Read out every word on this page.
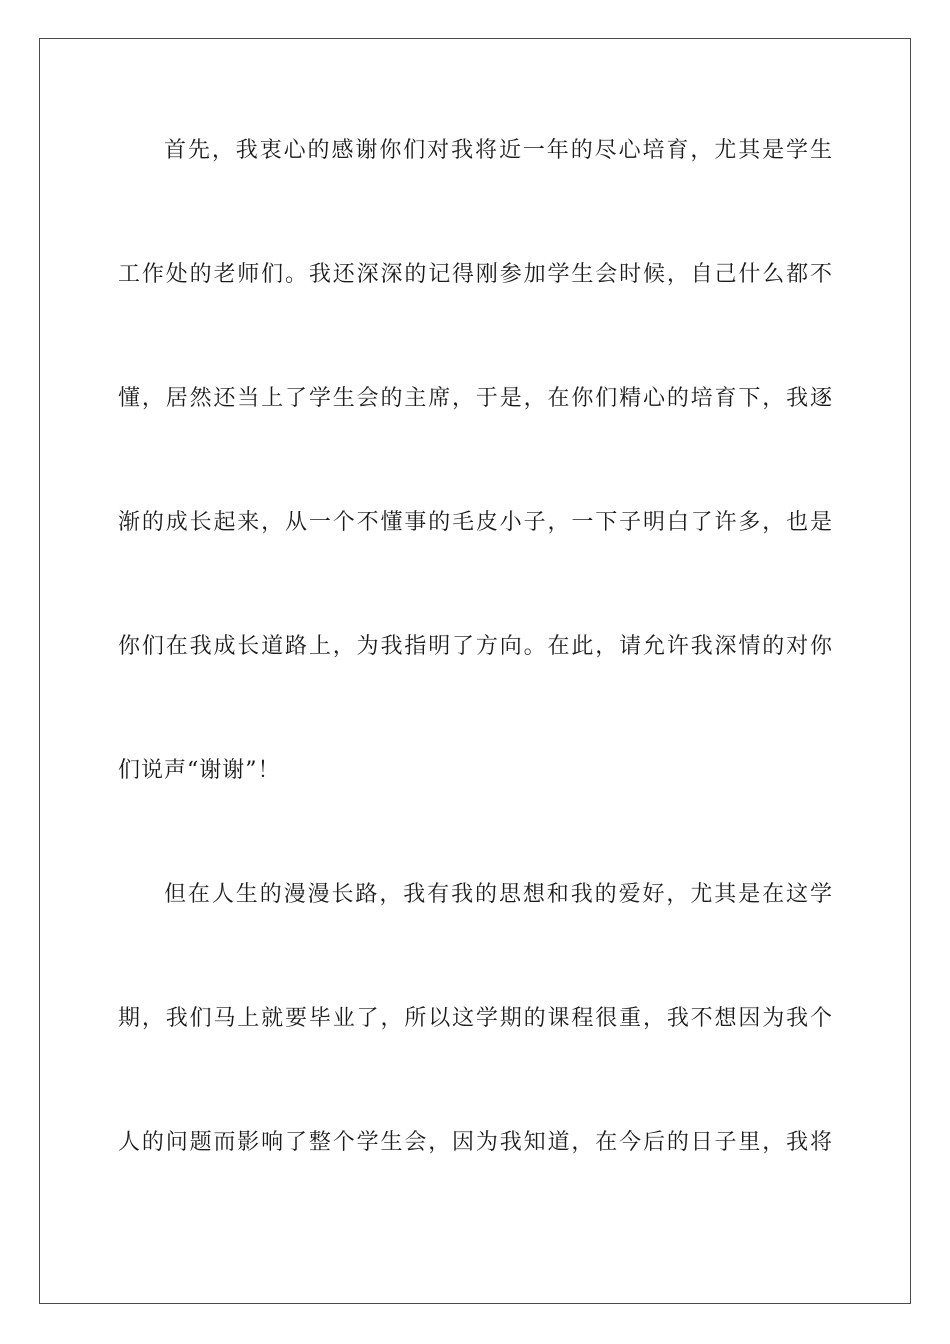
首先，我衷心的感谢你们对我将近一年的尽心培育，尤其是学生
工作处的老师们。我还深深的记得刚参加学生会时候，自己什么都不
懂，居然还当上了学生会的主席，于是，在你们精心的培育下，我逐
渐的成长起来，从一个不懂事的毛皮小子，一下子明白了许多，也是
你们在我成长道路上，为我指明了方向。在此，请允许我深情的对你
们说声“谢谢”！
但在人生的漫漫长路，我有我的思想和我的爱好，尤其是在这学
期，我们马上就要毕业了，所以这学期的课程很重，我不想因为我个
人的问题而影响了整个学生会，因为我知道，在今后的日子里，我将
